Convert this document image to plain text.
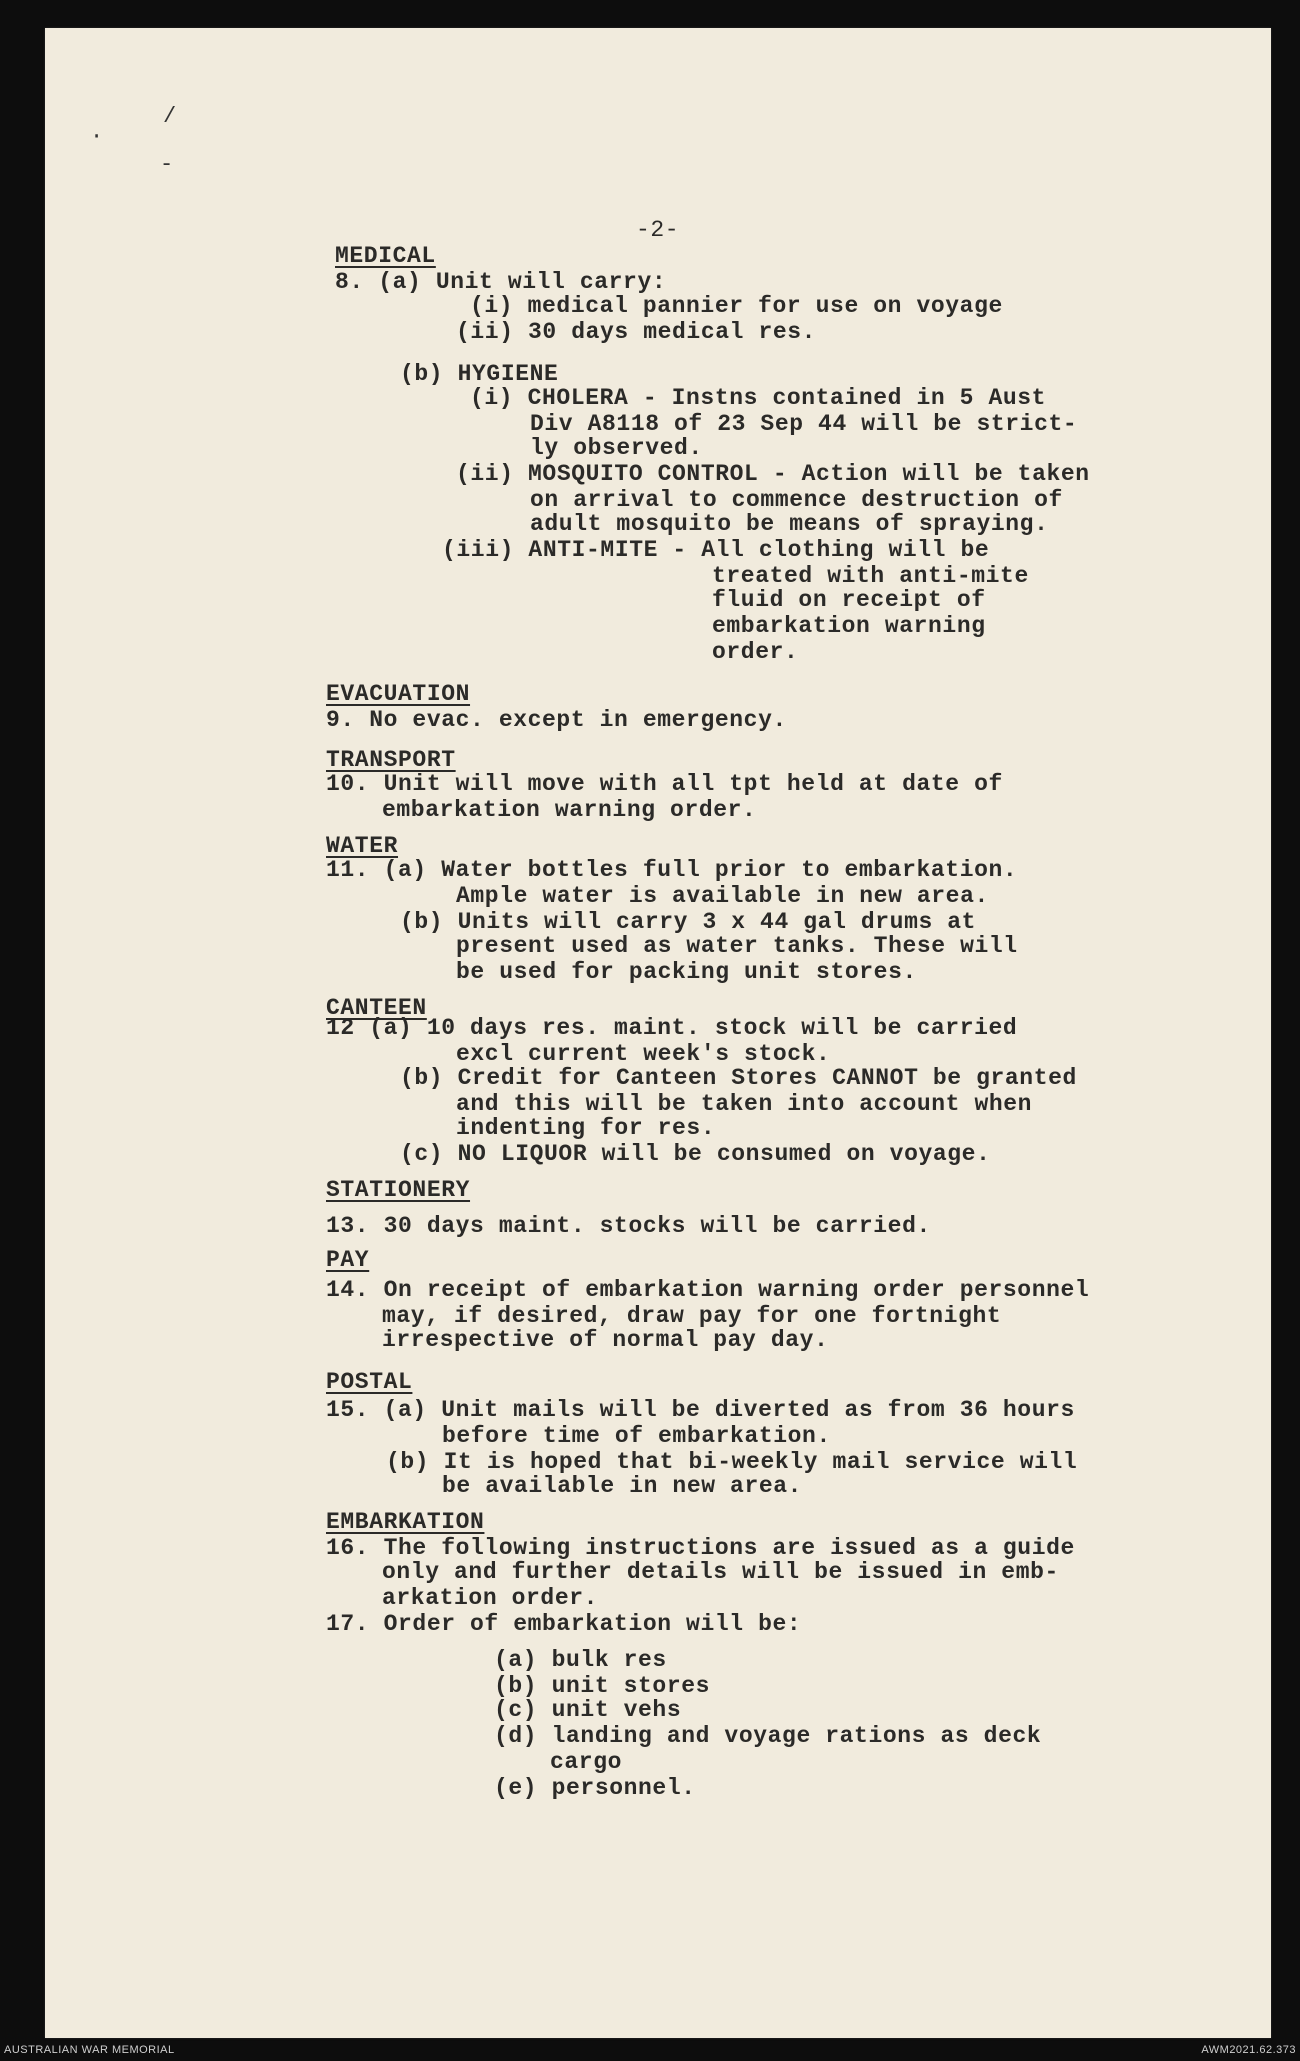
/
·
-
-2-
MEDICAL
8. (a) Unit will carry:
(i) medical pannier for use on voyage
(ii) 30 days medical res.
(b) HYGIENE
(i) CHOLERA - Instns contained in 5 Aust
Div A8118 of 23 Sep 44 will be strict-
ly observed.
(ii) MOSQUITO CONTROL - Action will be taken
on arrival to commence destruction of
adult mosquito be means of spraying.
(iii) ANTI-MITE - All clothing will be
treated with anti-mite
fluid on receipt of
embarkation warning
order.
EVACUATION
9. No evac. except in emergency.
TRANSPORT
10. Unit will move with all tpt held at date of
embarkation warning order.
WATER
11. (a) Water bottles full prior to embarkation.
Ample water is available in new area.
(b) Units will carry 3 x 44 gal drums at
present used as water tanks. These will
be used for packing unit stores.
CANTEEN
12 (a) 10 days res. maint. stock will be carried
excl current week's stock.
(b) Credit for Canteen Stores CANNOT be granted
and this will be taken into account when
indenting for res.
(c) NO LIQUOR will be consumed on voyage.
STATIONERY
13. 30 days maint. stocks will be carried.
PAY
14. On receipt of embarkation warning order personnel
may, if desired, draw pay for one fortnight
irrespective of normal pay day.
POSTAL
15. (a) Unit mails will be diverted as from 36 hours
before time of embarkation.
(b) It is hoped that bi-weekly mail service will
be available in new area.
EMBARKATION
16. The following instructions are issued as a guide
only and further details will be issued in emb-
arkation order.
17. Order of embarkation will be:
(a) bulk res
(b) unit stores
(c) unit vehs
(d) landing and voyage rations as deck
cargo
(e) personnel.
AUSTRALIAN WAR MEMORIAL	AWM2021.62.373
